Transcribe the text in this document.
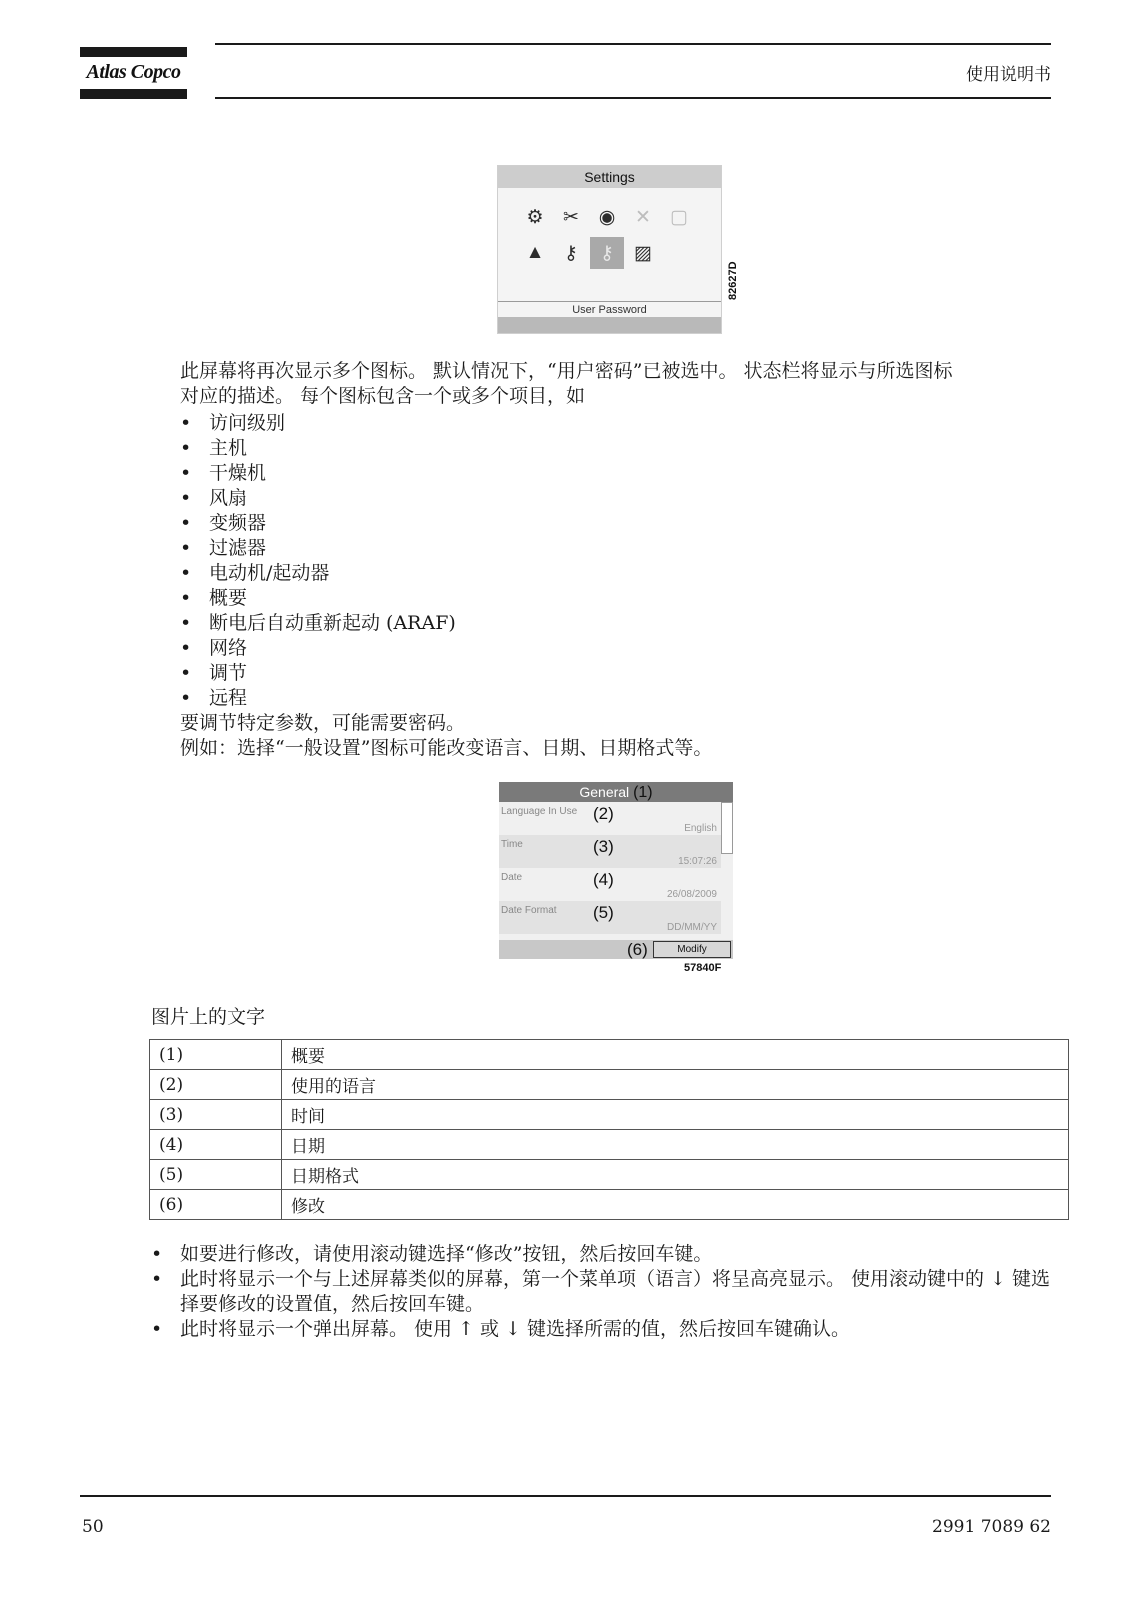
Atlas Copco	使用说明书
Settings
⚙	✂	◉	✕	▢
▲	⚷	⚷	▨
User Password
82627D
此屏幕将再次显示多个图标。 默认情况下，“用户密码”已被选中。 状态栏将显示与所选图标
对应的描述。 每个图标包含一个或多个项目，如
• 访问级别
• 主机
• 干燥机
• 风扇
• 变频器
• 过滤器
• 电动机/起动器
• 概要
• 断电后自动重新起动 (ARAF)
• 网络
• 调节
• 远程
要调节特定参数，可能需要密码。
例如：选择“一般设置”图标可能改变语言、日期、日期格式等。
General (1)
Language In Use (2)
English
Time	(3)
15:07:26
Date	(4)
26/08/2009
Date Format (5)
DD/MM/YY
(6)	Modify
57840F
图片上的文字
(1)	概要
(2)	使用的语言
(3)	时间
(4)	日期
(5)	日期格式
(6)	修改
• 如要进行修改，请使用滚动键选择“修改”按钮，然后按回车键。
• 此时将显示一个与上述屏幕类似的屏幕，第一个菜单项（语言）将呈高亮显示。 使用滚动键中的 ↓ 键选择要修改的设置值，然后按回车键。
• 此时将显示一个弹出屏幕。 使用 ↑ 或 ↓ 键选择所需的值，然后按回车键确认。
50	2991 7089 62
